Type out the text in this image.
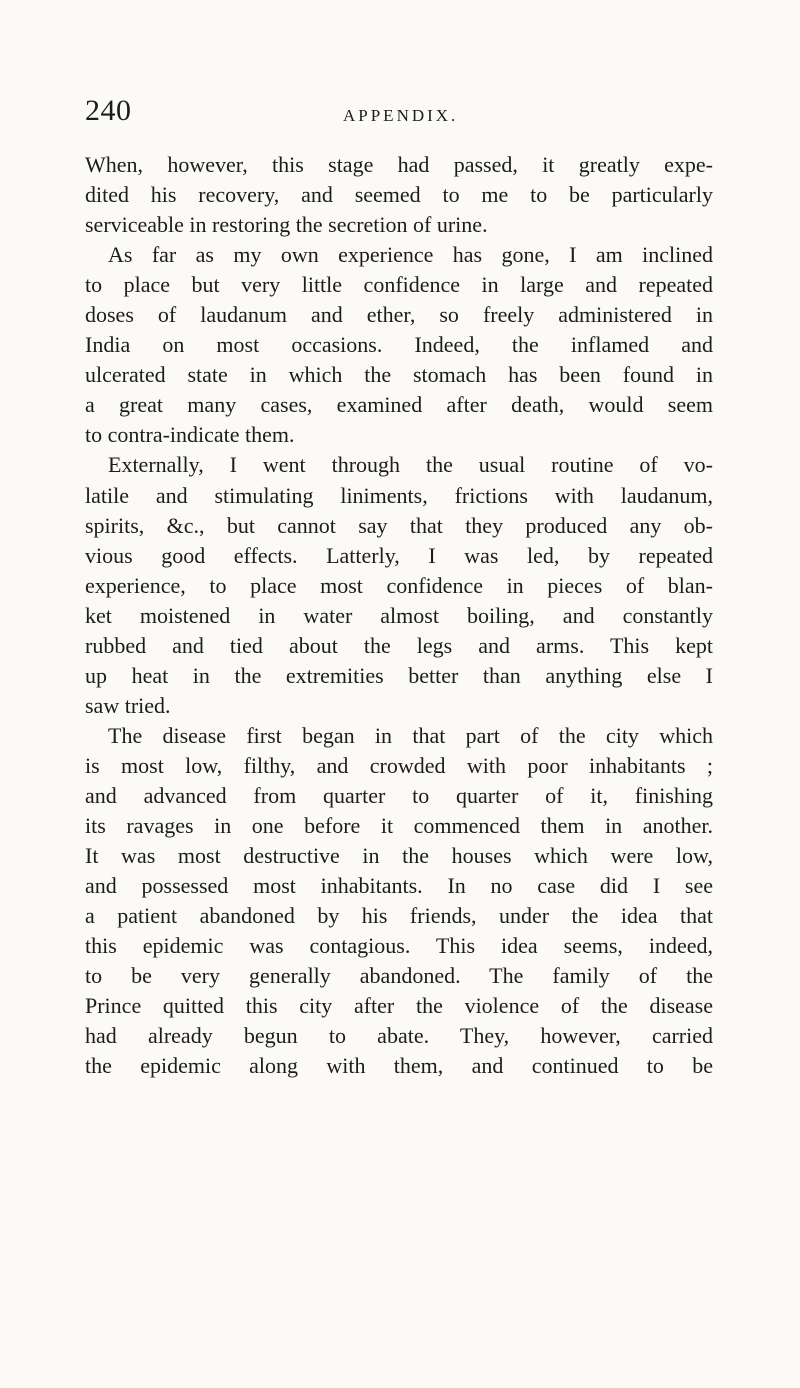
240	APPENDIX.
When, however, this stage had passed, it greatly expe-
dited his recovery, and seemed to me to be particularly
serviceable in restoring the secretion of urine.
As far as my own experience has gone, I am inclined
to place but very little confidence in large and repeated
doses of laudanum and ether, so freely administered in
India on most occasions. Indeed, the inflamed and
ulcerated state in which the stomach has been found in
a great many cases, examined after death, would seem
to contra-indicate them.
Externally, I went through the usual routine of vo-
latile and stimulating liniments, frictions with laudanum,
spirits, &c., but cannot say that they produced any ob-
vious good effects. Latterly, I was led, by repeated
experience, to place most confidence in pieces of blan-
ket moistened in water almost boiling, and constantly
rubbed and tied about the legs and arms. This kept
up heat in the extremities better than anything else I
saw tried.
The disease first began in that part of the city which
is most low, filthy, and crowded with poor inhabitants ;
and advanced from quarter to quarter of it, finishing
its ravages in one before it commenced them in another.
It was most destructive in the houses which were low,
and possessed most inhabitants. In no case did I see
a patient abandoned by his friends, under the idea that
this epidemic was contagious. This idea seems, indeed,
to be very generally abandoned. The family of the
Prince quitted this city after the violence of the disease
had already begun to abate. They, however, carried
the epidemic along with them, and continued to be
